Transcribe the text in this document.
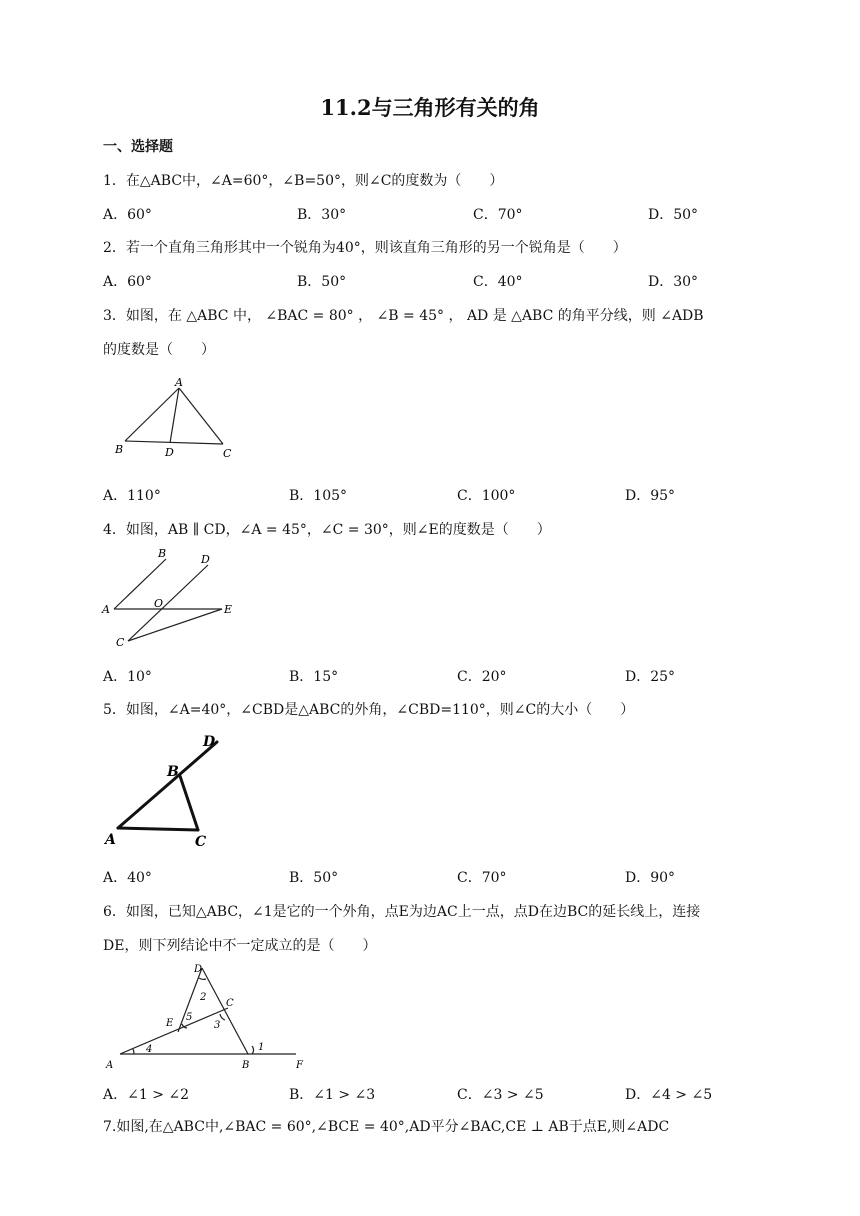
11.2与三角形有关的角
一、选择题
1．在△ABC中，∠A=60°，∠B=50°，则∠C的度数为（　　）
A．60°	B．30°	C．70°	D．50°
2．若一个直角三角形其中一个锐角为40°，则该直角三角形的另一个锐角是（　　）
A．60°	B．50°	C．40°	D．30°
3．如图，在 △ABC 中， ∠BAC = 80° ， ∠B = 45° ， AD 是 △ABC 的角平分线，则 ∠ADB
的度数是（　　）
A
B	D	C
A．110°	B．105°	C．100°	D．95°
4．如图，AB ∥ CD，∠A = 45°，∠C = 30°，则∠E的度数是（　　）
B	D
A	O	E
C
A．10°	B．15°	C．20°	D．25°
5．如图，∠A=40°，∠CBD是△ABC的外角，∠CBD=110°，则∠C的大小（　　）
D
B
A	C
A．40°	B．50°	C．70°	D．90°
6．如图，已知△ABC，∠1是它的一个外角，点E为边AC上一点，点D在边BC的延长线上，连接
DE，则下列结论中不一定成立的是（　　）
D
2
C
E
5
3
A
4
B
1
F
A．∠1 > ∠2	B．∠1 > ∠3	C．∠3 > ∠5	D．∠4 > ∠5
7.如图,在△ABC中,∠BAC = 60°,∠BCE = 40°,AD平分∠BAC,CE ⊥ AB于点E,则∠ADC
